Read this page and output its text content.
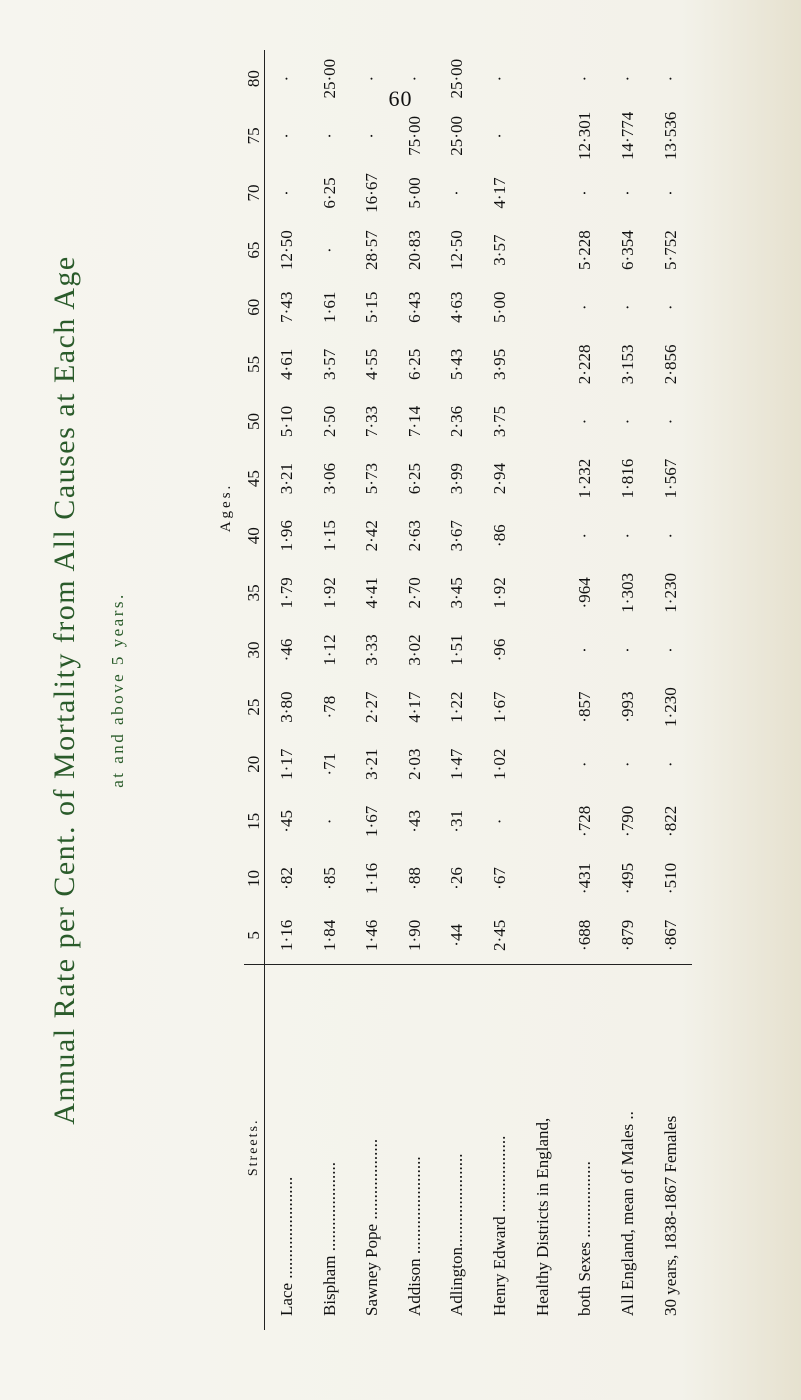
60
Annual Rate per Cent. of Mortality from All Causes at Each Age at and above 5 years.
Ages.
Streets.	5	10	15	20	25	30	35	40	45	50	55	60	65	70	75	80
Lace ........................	1·16	·82	·45	1·17	3·80	·46	1·79	1·96	3·21	5·10	4·61	7·43	12·50	·	·	·
Bispham .....................	1·84	·85	·	·71	·78	1·12	1·92	1·15	3·06	2·50	3·57	1·61	·	6·25	·	25·00
Sawney Pope ...................	1·46	1·16	1·67	3·21	2·27	3·33	4·41	2·42	5·73	7·33	4·55	5·15	28·57	16·67	·	·
Addison .......................	1·90	·88	·43	2·03	4·17	3·02	2·70	2·63	6·25	7·14	6·25	6·43	20·83	5·00	75·00	·
Adlington......................	·44	·26	·31	1·47	1·22	1·51	3·45	3·67	3·99	2·36	5·43	4·63	12·50	·	25·00	25·00
Henry Edward ..................	2·45	·67	·	1·02	1·67	·96	1·92	·86	2·94	3·75	3·95	5·00	3·57	4·17	·	·
Healthy Districts in England,																
both Sexes ..................	·688	·431	·728	·	·857	·	·964	·	1·232	·	2·228	·	5·228	·	12·301	·
All England, mean of Males ..	·879	·495	·790	·	·993	·	1·303	·	1·816	·	3·153	·	6·354	·	14·774	·
30 years, 1838-1867 Females	·867	·510	·822	·	1·230	·	1·230	·	1·567	·	2·856	·	5·752	·	13·536	·
